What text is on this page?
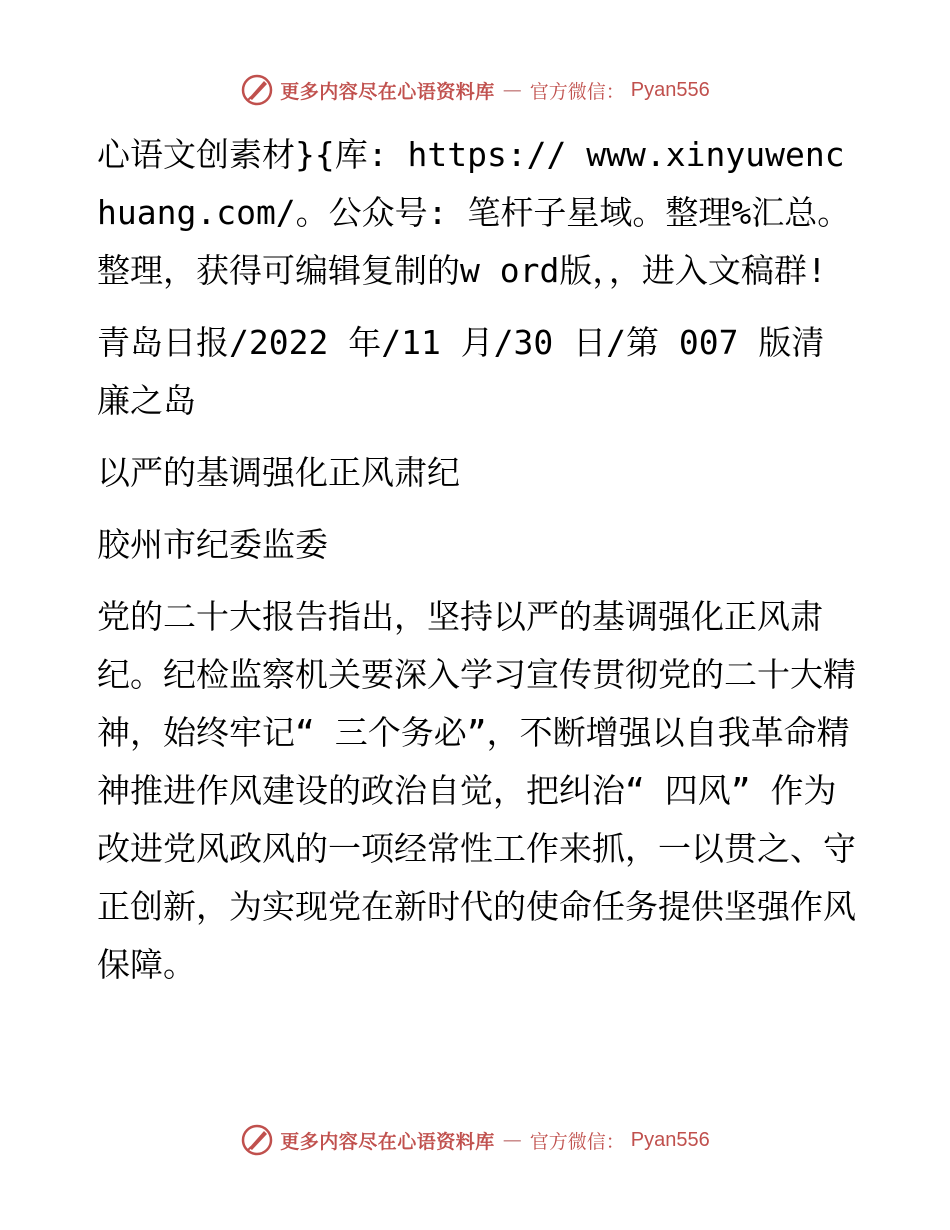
更多内容尽在心语资料库 — 官方微信： Pyan556

心语文创素材}{库: https:// www.xinyuwenchuang.com/。公众号: 笔杆子星域。整理%汇总。整理，获得可编辑复制的w ord版，，进入文稿群!

青岛日报/2022 年/11 月/30 日/第 007 版清廉之岛

以严的基调强化正风肃纪

胶州市纪委监委

党的二十大报告指出，坚持以严的基调强化正风肃纪。纪检监察机关要深入学习宣传贯彻党的二十大精神，始终牢记“ 三个务必”，不断增强以自我革命精神推进作风建设的政治自觉，把纠治“ 四风” 作为改进党风政风的一项经常性工作来抓，一以贯之、守正创新，为实现党在新时代的使命任务提供坚强作风保障。

更多内容尽在心语资料库 — 官方微信： Pyan556
